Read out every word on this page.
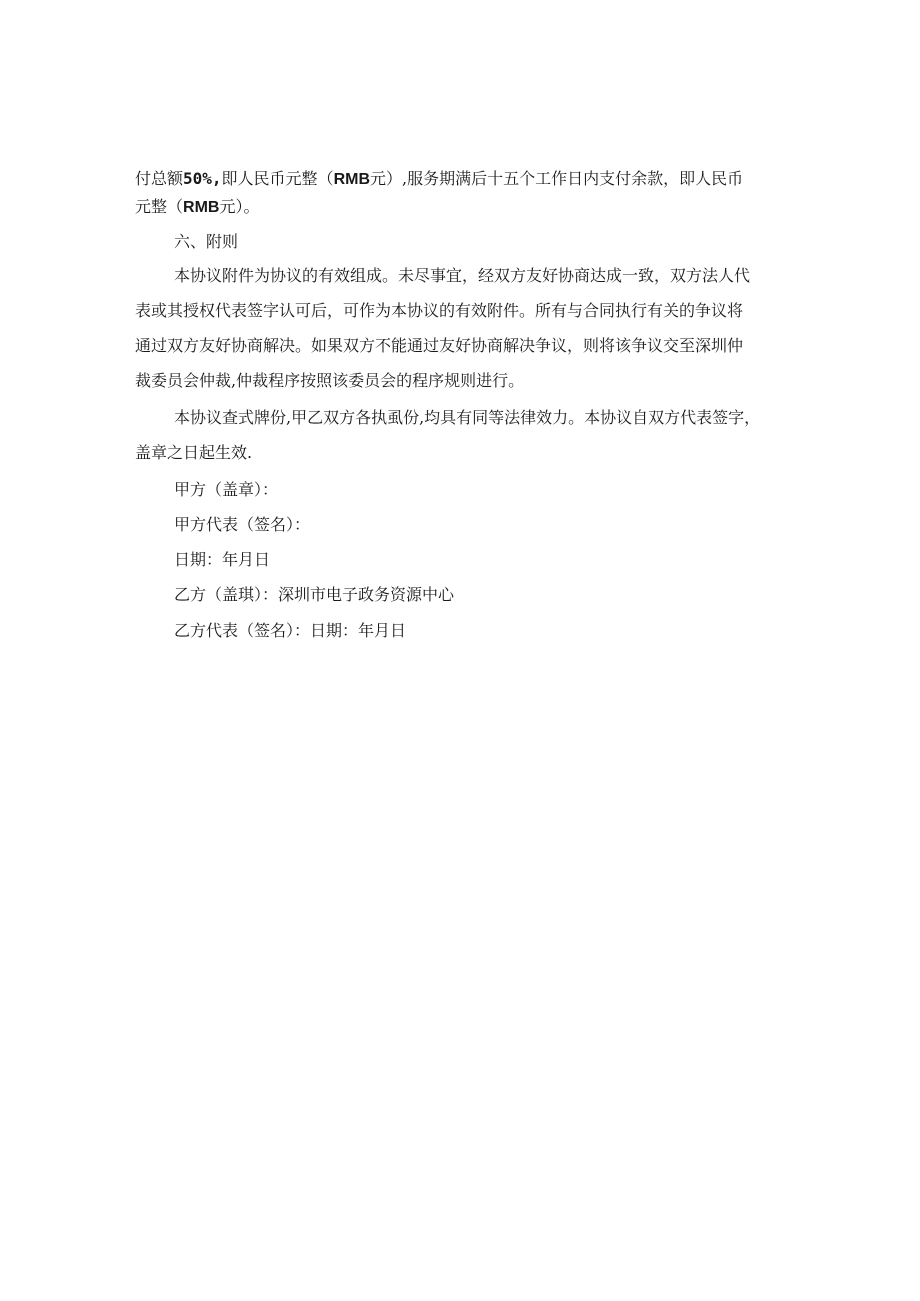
付总额50%,即人民币元整（RMB元）,服务期满后十五个工作日内支付余款，即人民币
元整（RMB元）。
六、附则
本协议附件为协议的有效组成。未尽事宜，经双方友好协商达成一致，双方法人代
表或其授权代表签字认可后，可作为本协议的有效附件。所有与合同执行有关的争议将
通过双方友好协商解决。如果双方不能通过友好协商解决争议，则将该争议交至深圳仲
裁委员会仲裁,仲裁程序按照该委员会的程序规则进行。
本协议查式牌份,甲乙双方各执虱份,均具有同等法律效力。本协议自双方代表签字，
盖章之日起生效.
甲方（盖章）：
甲方代表（签名）：
日期：年月日
乙方（盖琪）：深圳市电子政务资源中心
乙方代表（签名）：日期：年月日
